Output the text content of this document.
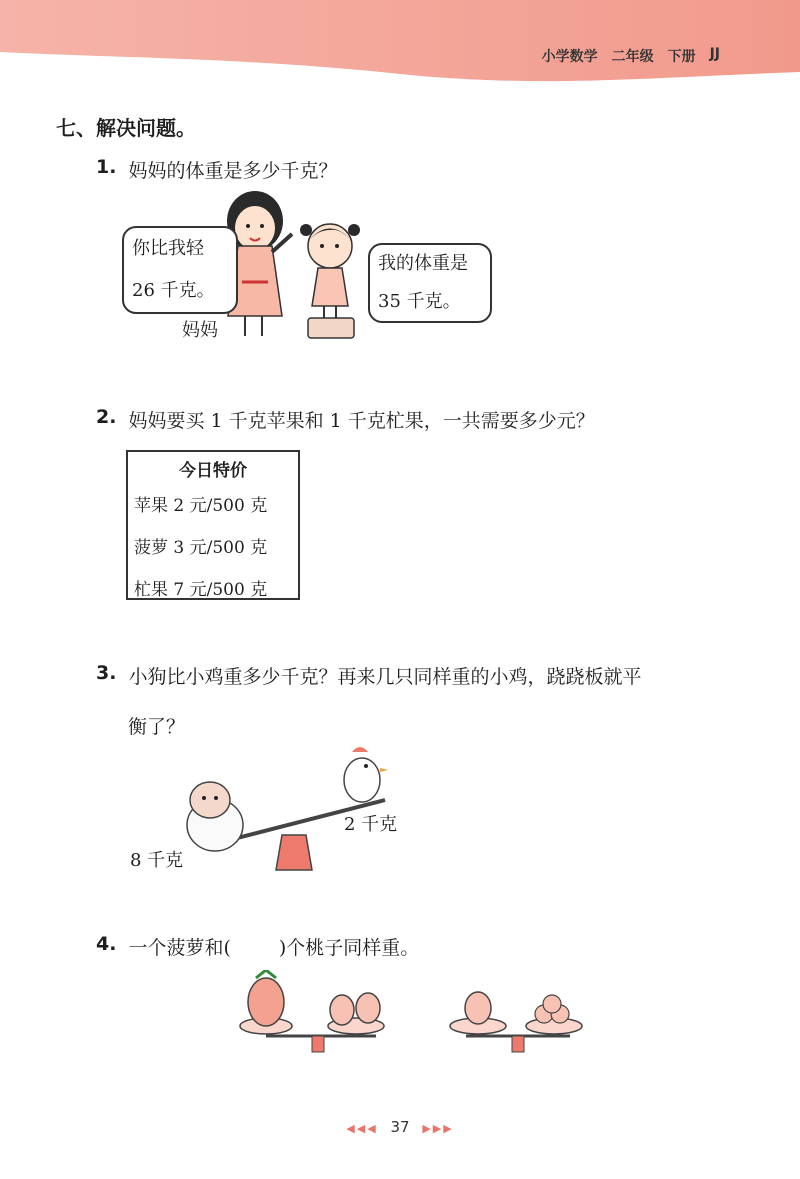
小学数学 二年级 下册 JJ
七、解决问题。
1. 妈妈的体重是多少千克？
你比我轻
26 千克。
我的体重是
35 千克。
妈妈
2. 妈妈要买 1 千克苹果和 1 千克杧果，一共需要多少元？
今日特价
苹果 2 元/500 克
菠萝 3 元/500 克
杧果 7 元/500 克
3. 小狗比小鸡重多少千克？再来几只同样重的小鸡，跷跷板就平
衡了？
8 千克
2 千克
4. 一个菠萝和(	)个桃子同样重。
◀◀◀ 37 ▶▶▶
